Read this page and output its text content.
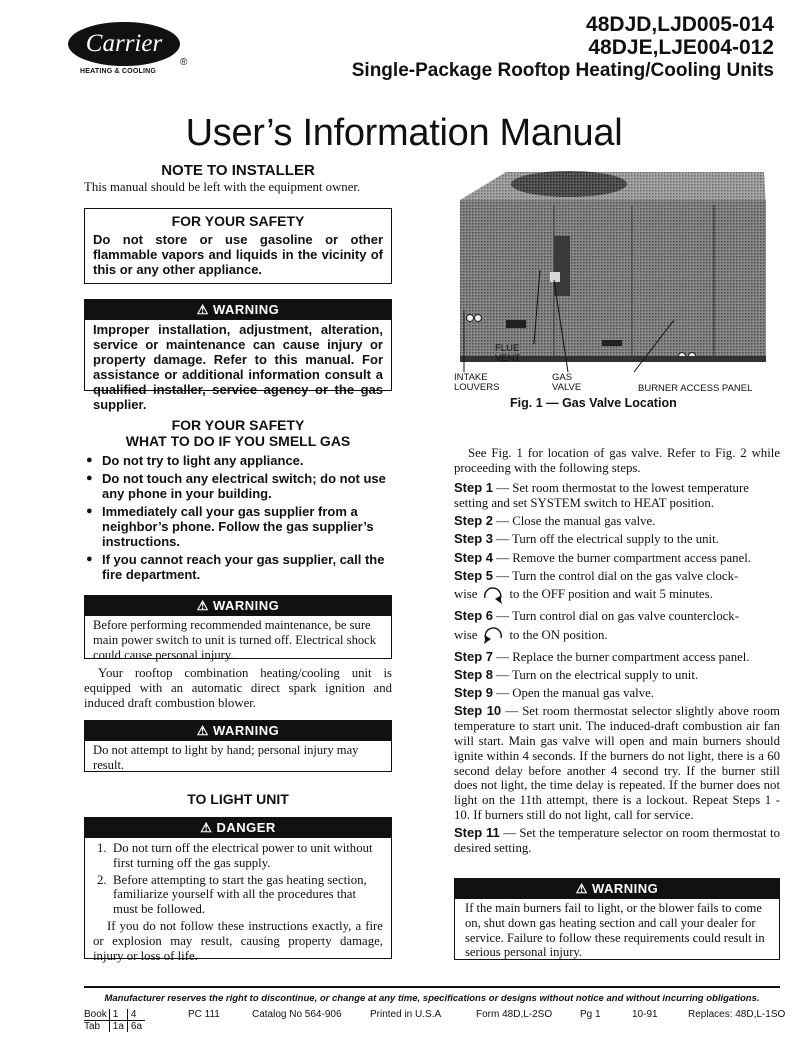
Carrier
®
HEATING & COOLING
48DJD,LJD005-014
48DJE,LJE004-012
Single-Package Rooftop Heating/Cooling Units
User’s Information Manual
NOTE TO INSTALLER
This manual should be left with the equipment owner.
FOR YOUR SAFETY
Do not store or use gasoline or other flammable vapors and liquids in the vicinity of this or any other appliance.
⚠ WARNING
Improper installation, adjustment, alteration, service or maintenance can cause injury or property damage. Refer to this manual. For assistance or additional information consult a qualified installer, service agency or the gas supplier.
FOR YOUR SAFETY
WHAT TO DO IF YOU SMELL GAS
● Do not try to light any appliance.
● Do not touch any electrical switch; do not use any phone in your building.
● Immediately call your gas supplier from a neighbor’s phone. Follow the gas supplier’s instructions.
● If you cannot reach your gas supplier, call the fire department.
⚠ WARNING
Before performing recommended maintenance, be sure main power switch to unit is turned off. Electrical shock could cause personal injury.
Your rooftop combination heating/cooling unit is equipped with an automatic direct spark ignition and induced draft combustion blower.
⚠ WARNING
Do not attempt to light by hand; personal injury may result.
TO LIGHT UNIT
⚠ DANGER
1. Do not turn off the electrical power to unit without first turning off the gas supply.
2. Before attempting to start the gas heating section, familiarize yourself with all the procedures that must be followed.
If you do not follow these instructions exactly, a fire or explosion may result, causing property damage, injury or loss of life.
FLUE
VENT
INTAKE
LOUVERS
GAS
VALVE	BURNER ACCESS PANEL
Fig. 1 — Gas Valve Location
See Fig. 1 for location of gas valve. Refer to Fig. 2 while proceeding with the following steps.
Step 1 — Set room thermostat to the lowest temperature setting and set SYSTEM switch to HEAT position.
Step 2 — Close the manual gas valve.
Step 3 — Turn off the electrical supply to the unit.
Step 4 — Remove the burner compartment access panel.
Step 5 — Turn the control dial on the gas valve clock-
wise	to the OFF position and wait 5 minutes.
Step 6 — Turn control dial on gas valve counterclock-
wise	to the ON position.
Step 7 — Replace the burner compartment access panel.
Step 8 — Turn on the electrical supply to unit.
Step 9 — Open the manual gas valve.
Step 10 — Set room thermostat selector slightly above room temperature to start unit. The induced-draft combustion air fan will start. Main gas valve will open and main burners should ignite within 4 seconds. If the burners do not light, there is a 60 second delay before another 4 second try. If the burner still does not light, the time delay is repeated. If the burner does not light on the 11th attempt, there is a lockout. Repeat Steps 1 - 10. If burners still do not light, call for service.
Step 11 — Set the temperature selector on room thermostat to desired setting.
⚠ WARNING
If the main burners fail to light, or the blower fails to come on, shut down gas heating section and call your dealer for service. Failure to follow these requirements could result in serious personal injury.
Manufacturer reserves the right to discontinue, or change at any time, specifications or designs without notice and without incurring obligations.
Book	1	4
Tab	1a	6a
PC 111	Catalog No 564-906	Printed in U.S.A	Form 48D,L-2SO	Pg 1	10-91	Replaces: 48D,L-1SO
